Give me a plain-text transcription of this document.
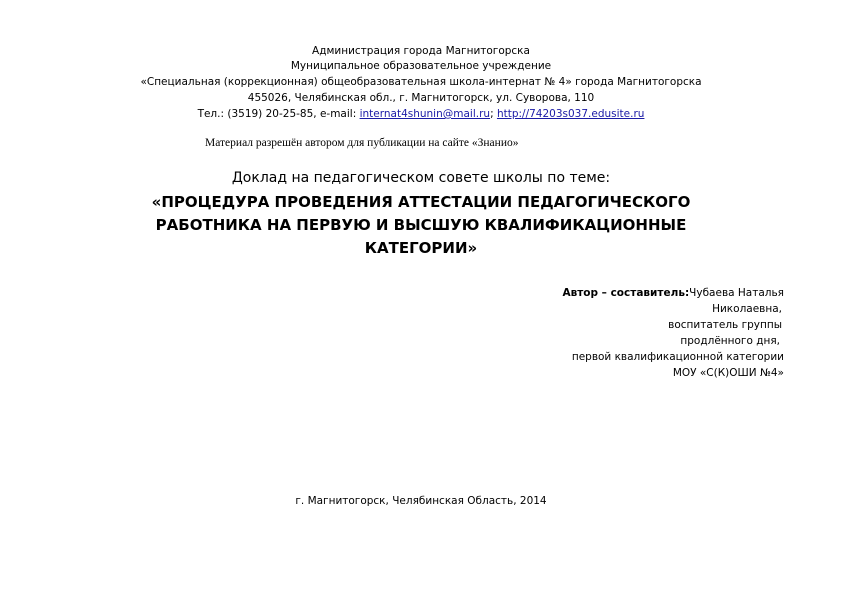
Администрация города Магнитогорска
Муниципальное образовательное учреждение
«Специальная (коррекционная) общеобразовательная школа-интернат № 4» города Магнитогорска
455026, Челябинская обл., г. Магнитогорск, ул. Суворова, 110
Тел.: (3519) 20-25-85, e-mail: internat4shunin@mail.ru; http://74203s037.edusite.ru
Материал разрешён автором для публикации на сайте «Знанио»
Доклад на педагогическом совете школы по теме:
«ПРОЦЕДУРА ПРОВЕДЕНИЯ АТТЕСТАЦИИ ПЕДАГОГИЧЕСКОГО
РАБОТНИКА НА ПЕРВУЮ И ВЫСШУЮ КВАЛИФИКАЦИОННЫЕ
КАТЕГОРИИ»
Автор – составитель:Чубаева Наталья
Николаевна,
воспитатель группы
продлённого дня,
первой квалификационной категории
МОУ «С(К)ОШИ №4»
г. Магнитогорск, Челябинская Область, 2014
